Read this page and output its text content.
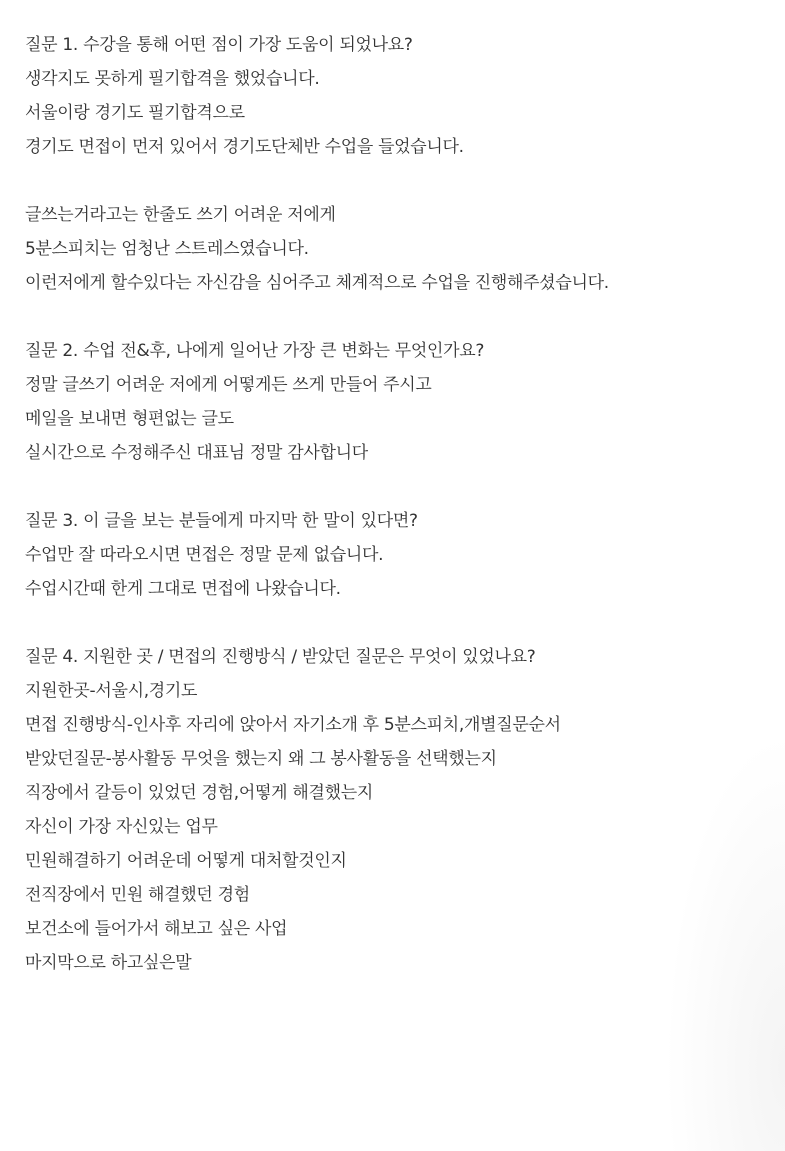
질문 1. 수강을 통해 어떤 점이 가장 도움이 되었나요?
생각지도 못하게 필기합격을 했었습니다.
서울이랑 경기도 필기합격으로
경기도 면접이 먼저 있어서 경기도단체반 수업을 들었습니다.
글쓰는거라고는 한줄도 쓰기 어려운 저에게
5분스피치는 엄청난 스트레스였습니다.
이런저에게 할수있다는 자신감을 심어주고 체계적으로 수업을 진행해주셨습니다.
질문 2. 수업 전&후, 나에게 일어난 가장 큰 변화는 무엇인가요?
정말 글쓰기 어려운 저에게 어떻게든 쓰게 만들어 주시고
메일을 보내면 형편없는 글도
실시간으로 수정해주신 대표님 정말 감사합니다
질문 3. 이 글을 보는 분들에게 마지막 한 말이 있다면?
수업만 잘 따라오시면 면접은 정말 문제 없습니다.
수업시간때 한게 그대로 면접에 나왔습니다.
질문 4. 지원한 곳 / 면접의 진행방식 / 받았던 질문은 무엇이 있었나요?
지원한곳-서울시,경기도
면접 진행방식-인사후 자리에 앉아서 자기소개 후 5분스피치,개별질문순서
받았던질문-봉사활동 무엇을 했는지 왜 그 봉사활동을 선택했는지
직장에서 갈등이 있었던 경험,어떻게 해결했는지
자신이 가장 자신있는 업무
민원해결하기 어려운데 어떻게 대처할것인지
전직장에서 민원 해결했던 경험
보건소에 들어가서 해보고 싶은 사업
마지막으로 하고싶은말
